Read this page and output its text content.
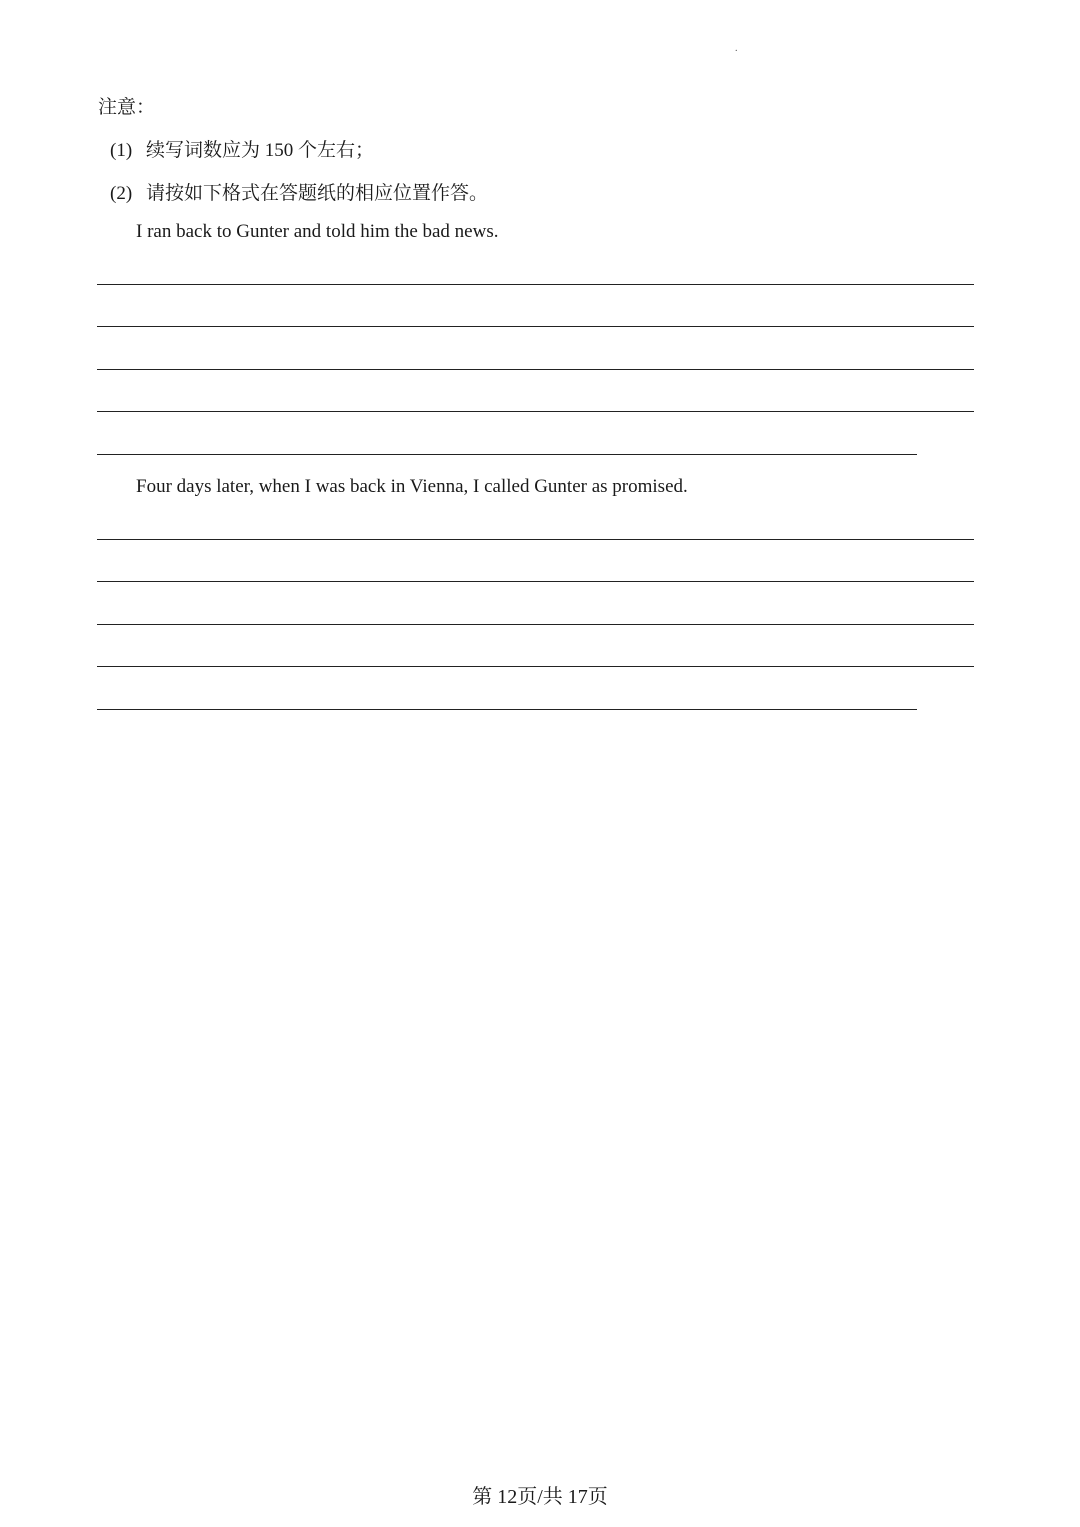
.
注意：
(1) 续写词数应为 150 个左右；
(2) 请按如下格式在答题纸的相应位置作答。
I ran back to Gunter and told him the bad news.
Four days later, when I was back in Vienna, I called Gunter as promised.
第 12页/共 17页
